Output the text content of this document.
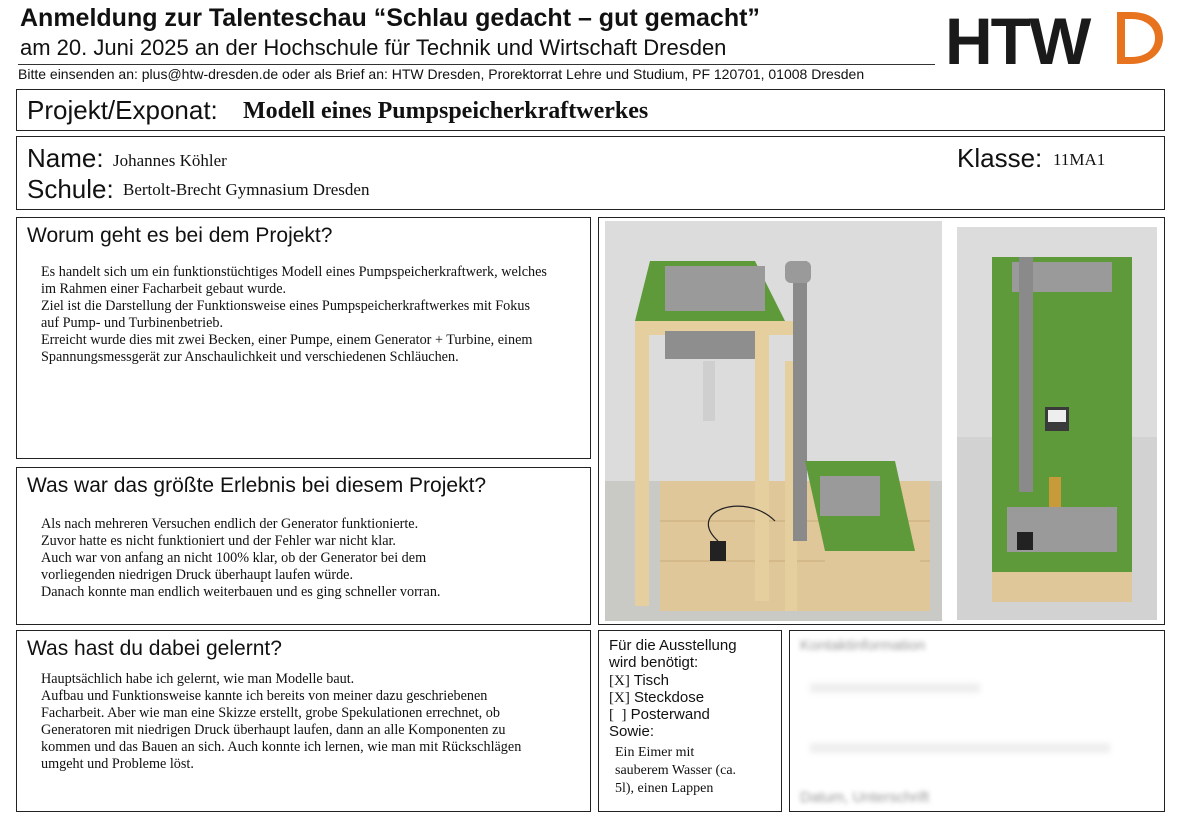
Anmeldung zur Talenteschau “Schlau gedacht – gut gemacht”
am 20. Juni 2025 an der Hochschule für Technik und Wirtschaft Dresden
Bitte einsenden an: plus@htw-dresden.de oder als Brief an: HTW Dresden, Prorektorrat Lehre und Studium, PF 120701, 01008 Dresden HTW
Projekt/Exponat: Modell eines Pumpspeicherkraftwerkes
Name: Johannes Köhler	Klasse: 11MA1
Schule: Bertolt-Brecht Gymnasium Dresden
Worum geht es bei dem Projekt?
Es handelt sich um ein funktionstüchtiges Modell eines Pumpspeicherkraftwerk, welches
im Rahmen einer Facharbeit gebaut wurde.
Ziel ist die Darstellung der Funktionsweise eines Pumpspeicherkraftwerkes mit Fokus
auf Pump- und Turbinenbetrieb.
Erreicht wurde dies mit zwei Becken, einer Pumpe, einem Generator + Turbine, einem
Spannungsmessgerät zur Anschaulichkeit und verschiedenen Schläuchen.
Was war das größte Erlebnis bei diesem Projekt?
Als nach mehreren Versuchen endlich der Generator funktionierte.
Zuvor hatte es nicht funktioniert und der Fehler war nicht klar.
Auch war von anfang an nicht 100% klar, ob der Generator bei dem
vorliegenden niedrigen Druck überhaupt laufen würde.
Danach konnte man endlich weiterbauen und es ging schneller vorran.
Was hast du dabei gelernt?
Hauptsächlich habe ich gelernt, wie man Modelle baut.
Aufbau und Funktionsweise kannte ich bereits von meiner dazu geschriebenen
Facharbeit. Aber wie man eine Skizze erstellt, grobe Spekulationen errechnet, ob
Generatoren mit niedrigen Druck überhaupt laufen, dann an alle Komponenten zu
kommen und das Bauen an sich. Auch konnte ich lernen, wie man mit Rückschlägen
umgeht und Probleme löst.
Für die Ausstellung
wird benötigt:
[X] Tisch
[X] Steckdose
[  ] Posterwand
Sowie:
Ein Eimer mit
sauberem Wasser (ca.
5l), einen Lappen
Kontaktinformation
Datum, Unterschrift
